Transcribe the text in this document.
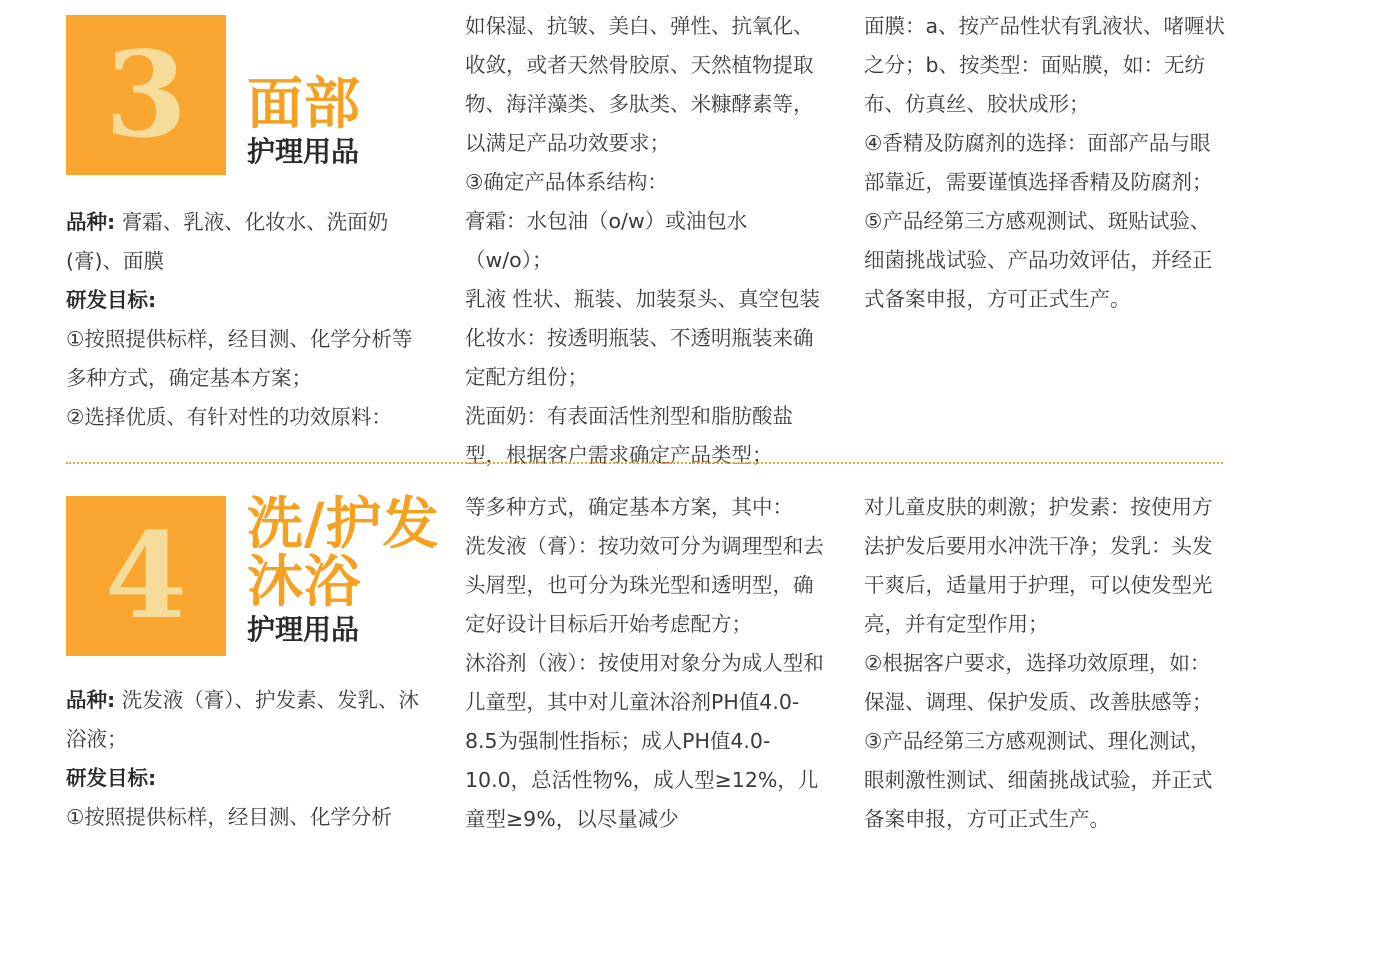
3	面部
护理用品

品种: 膏霜、乳液、化妆水、洗面奶(膏)、面膜

研发目标:

①按照提供标样，经目测、化学分析等多种方式，确定基本方案；

②选择优质、有针对性的功效原料：

如保湿、抗皱、美白、弹性、抗氧化、收敛，或者天然骨胶原、天然植物提取物、海洋藻类、多肽类、米糠酵素等，以满足产品功效要求；

③确定产品体系结构：

膏霜：水包油（o/w）或油包水（w/o）；

乳液 性状、瓶装、加装泵头、真空包装

化妆水：按透明瓶装、不透明瓶装来确定配方组份；

洗面奶：有表面活性剂型和脂肪酸盐型，根据客户需求确定产品类型；

面膜：a、按产品性状有乳液状、啫喱状之分；b、按类型：面贴膜，如：无纺布、仿真丝、胶状成形；

④香精及防腐剂的选择：面部产品与眼部靠近，需要谨慎选择香精及防腐剂；

⑤产品经第三方感观测试、斑贴试验、细菌挑战试验、产品功效评估，并经正式备案申报，方可正式生产。

4	洗/护发
沐浴
护理用品

品种: 洗发液（膏）、护发素、发乳、沐浴液；

研发目标:

①按照提供标样，经目测、化学分析

等多种方式，确定基本方案，其中：

洗发液（膏）：按功效可分为调理型和去头屑型，也可分为珠光型和透明型，确定好设计目标后开始考虑配方；

沐浴剂（液）：按使用对象分为成人型和儿童型，其中对儿童沐浴剂PH值4.0-8.5为强制性指标；成人PH值4.0-10.0，总活性物%，成人型≥12%，儿童型≥9%，以尽量减少

对儿童皮肤的刺激；护发素：按使用方法护发后要用水冲洗干净；发乳：头发干爽后，适量用于护理，可以使发型光亮，并有定型作用；

②根据客户要求，选择功效原理，如：保湿、调理、保护发质、改善肤感等；

③产品经第三方感观测试、理化测试，眼刺激性测试、细菌挑战试验，并正式备案申报，方可正式生产。
